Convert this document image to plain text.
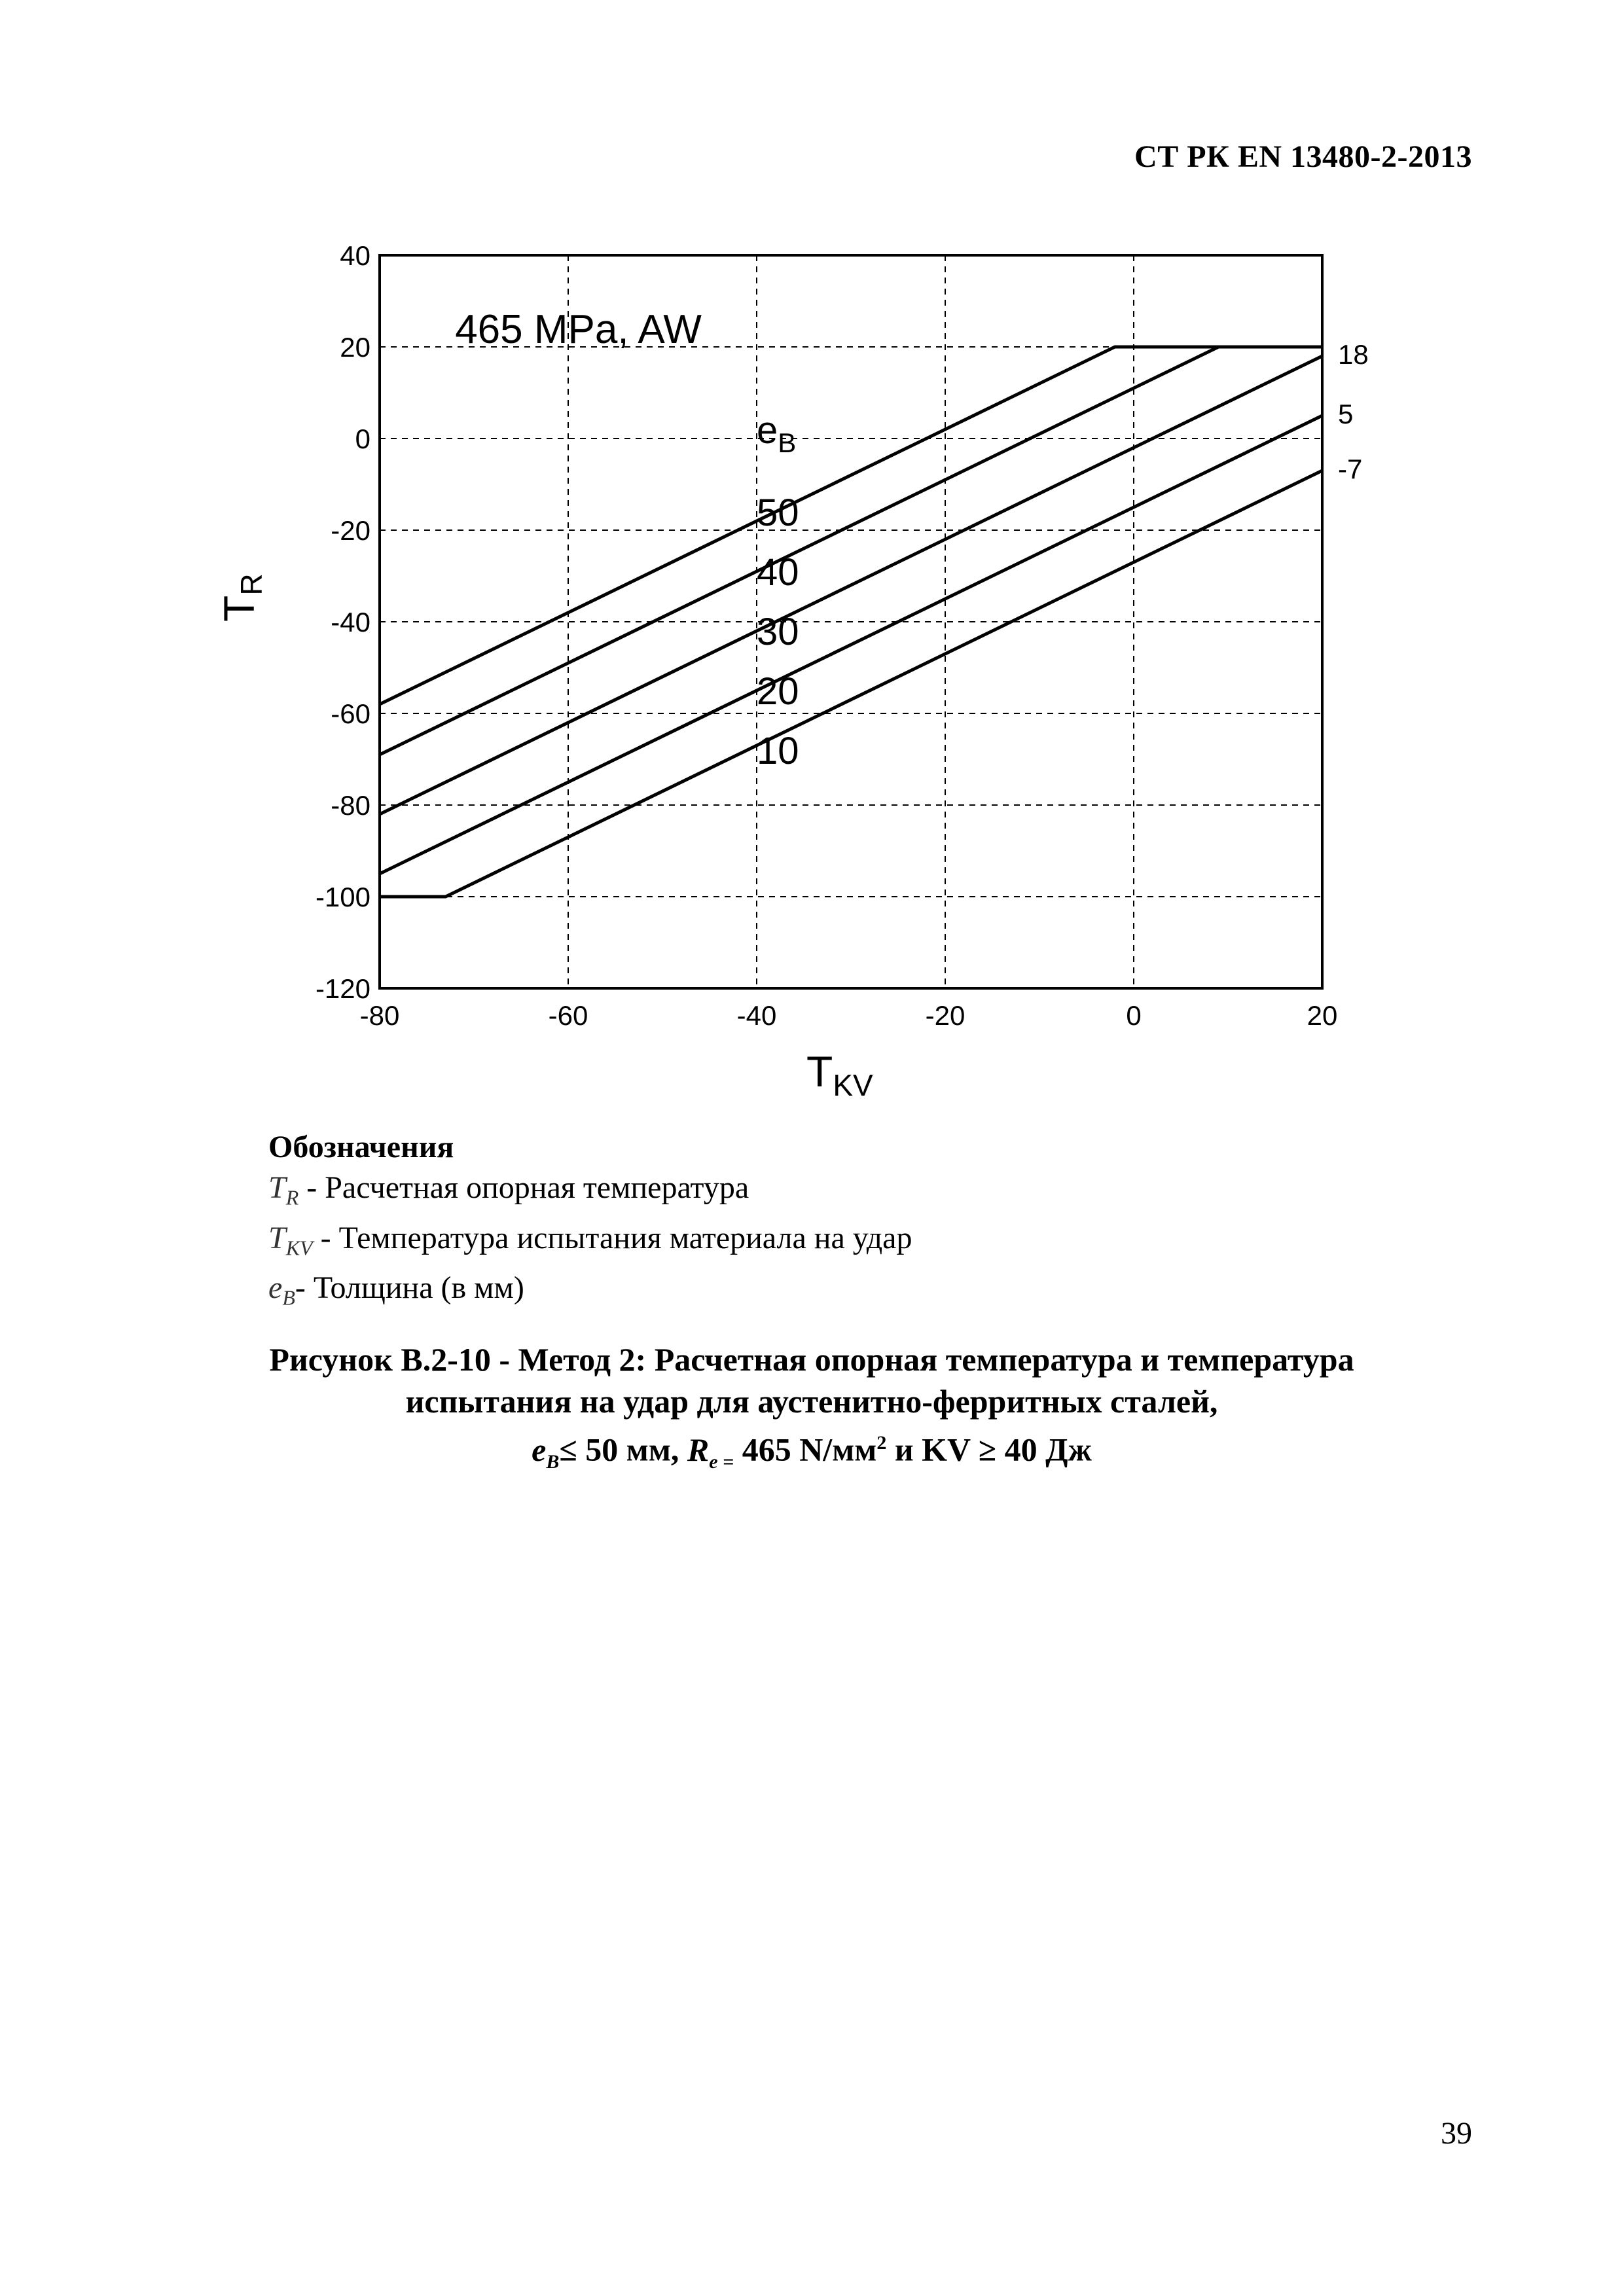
СТ РК EN 13480-2-2013
40
20
0
-20
-40
-60
-80
-100
-120
-80	-60	-40	-20	0	20
465 MPa, AW
$e_B$
50
40
30
20
10
18
5
-7
TR
$T_{KV}$
Обозначения
$T_R$ - Расчетная опорная температура
$T_{KV}$ - Температура испытания материала на удар
$e_B-$ Толщина (в мм)
Рисунок В.2-10 - Метод 2: Расчетная опорная температура и температура
испытания на удар для аустенитно-ферритных сталей,
$e_B\le 50$ мм, $R_{e =}$ 465 $N/мм^2$ и KV ≥ 40 Дж
39
